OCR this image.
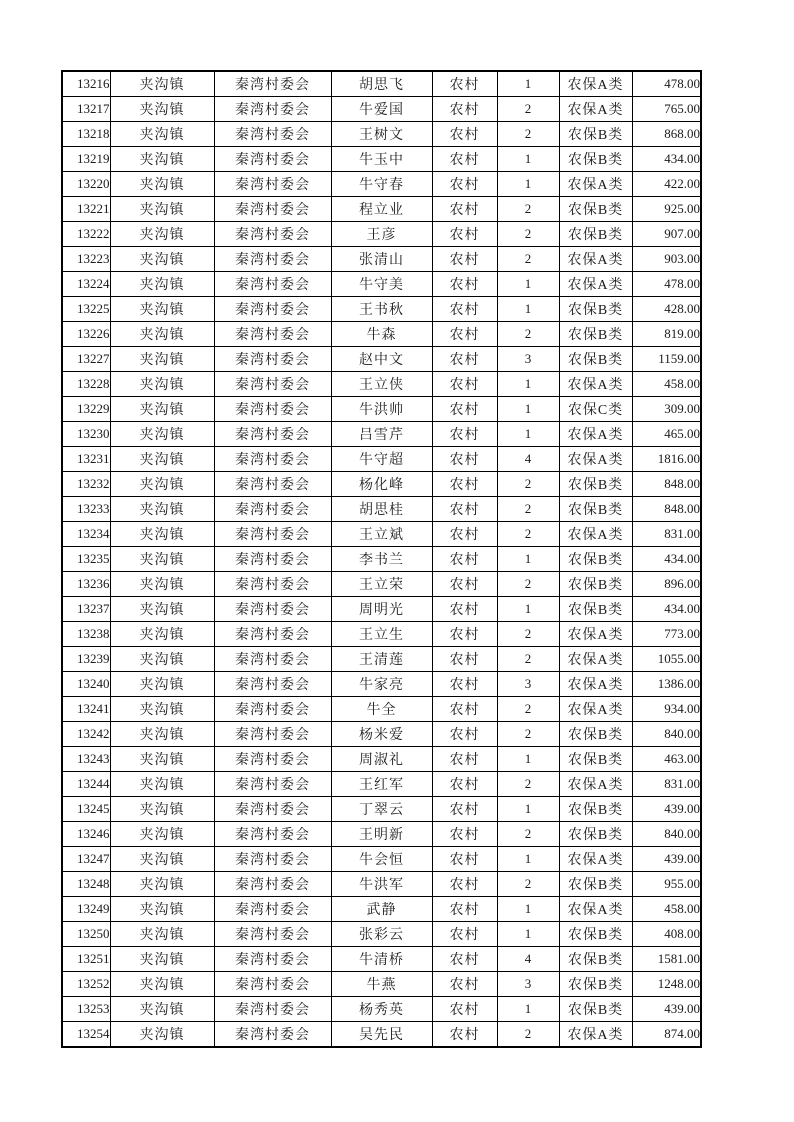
13216	夹沟镇	秦湾村委会	胡思飞	农村	1	农保A类	478.00
13217	夹沟镇	秦湾村委会	牛爱国	农村	2	农保A类	765.00
13218	夹沟镇	秦湾村委会	王树文	农村	2	农保B类	868.00
13219	夹沟镇	秦湾村委会	牛玉中	农村	1	农保B类	434.00
13220	夹沟镇	秦湾村委会	牛守春	农村	1	农保A类	422.00
13221	夹沟镇	秦湾村委会	程立业	农村	2	农保B类	925.00
13222	夹沟镇	秦湾村委会	王彦	农村	2	农保B类	907.00
13223	夹沟镇	秦湾村委会	张清山	农村	2	农保A类	903.00
13224	夹沟镇	秦湾村委会	牛守美	农村	1	农保A类	478.00
13225	夹沟镇	秦湾村委会	王书秋	农村	1	农保B类	428.00
13226	夹沟镇	秦湾村委会	牛森	农村	2	农保B类	819.00
13227	夹沟镇	秦湾村委会	赵中文	农村	3	农保B类	1159.00
13228	夹沟镇	秦湾村委会	王立侠	农村	1	农保A类	458.00
13229	夹沟镇	秦湾村委会	牛洪帅	农村	1	农保C类	309.00
13230	夹沟镇	秦湾村委会	吕雪芹	农村	1	农保A类	465.00
13231	夹沟镇	秦湾村委会	牛守超	农村	4	农保A类	1816.00
13232	夹沟镇	秦湾村委会	杨化峰	农村	2	农保B类	848.00
13233	夹沟镇	秦湾村委会	胡思桂	农村	2	农保B类	848.00
13234	夹沟镇	秦湾村委会	王立斌	农村	2	农保A类	831.00
13235	夹沟镇	秦湾村委会	李书兰	农村	1	农保B类	434.00
13236	夹沟镇	秦湾村委会	王立荣	农村	2	农保B类	896.00
13237	夹沟镇	秦湾村委会	周明光	农村	1	农保B类	434.00
13238	夹沟镇	秦湾村委会	王立生	农村	2	农保A类	773.00
13239	夹沟镇	秦湾村委会	王清莲	农村	2	农保A类	1055.00
13240	夹沟镇	秦湾村委会	牛家亮	农村	3	农保A类	1386.00
13241	夹沟镇	秦湾村委会	牛全	农村	2	农保A类	934.00
13242	夹沟镇	秦湾村委会	杨米爱	农村	2	农保B类	840.00
13243	夹沟镇	秦湾村委会	周淑礼	农村	1	农保B类	463.00
13244	夹沟镇	秦湾村委会	王红军	农村	2	农保A类	831.00
13245	夹沟镇	秦湾村委会	丁翠云	农村	1	农保B类	439.00
13246	夹沟镇	秦湾村委会	王明新	农村	2	农保B类	840.00
13247	夹沟镇	秦湾村委会	牛会恒	农村	1	农保A类	439.00
13248	夹沟镇	秦湾村委会	牛洪军	农村	2	农保B类	955.00
13249	夹沟镇	秦湾村委会	武静	农村	1	农保A类	458.00
13250	夹沟镇	秦湾村委会	张彩云	农村	1	农保B类	408.00
13251	夹沟镇	秦湾村委会	牛清桥	农村	4	农保B类	1581.00
13252	夹沟镇	秦湾村委会	牛燕	农村	3	农保B类	1248.00
13253	夹沟镇	秦湾村委会	杨秀英	农村	1	农保B类	439.00
13254	夹沟镇	秦湾村委会	吴先民	农村	2	农保A类	874.00
